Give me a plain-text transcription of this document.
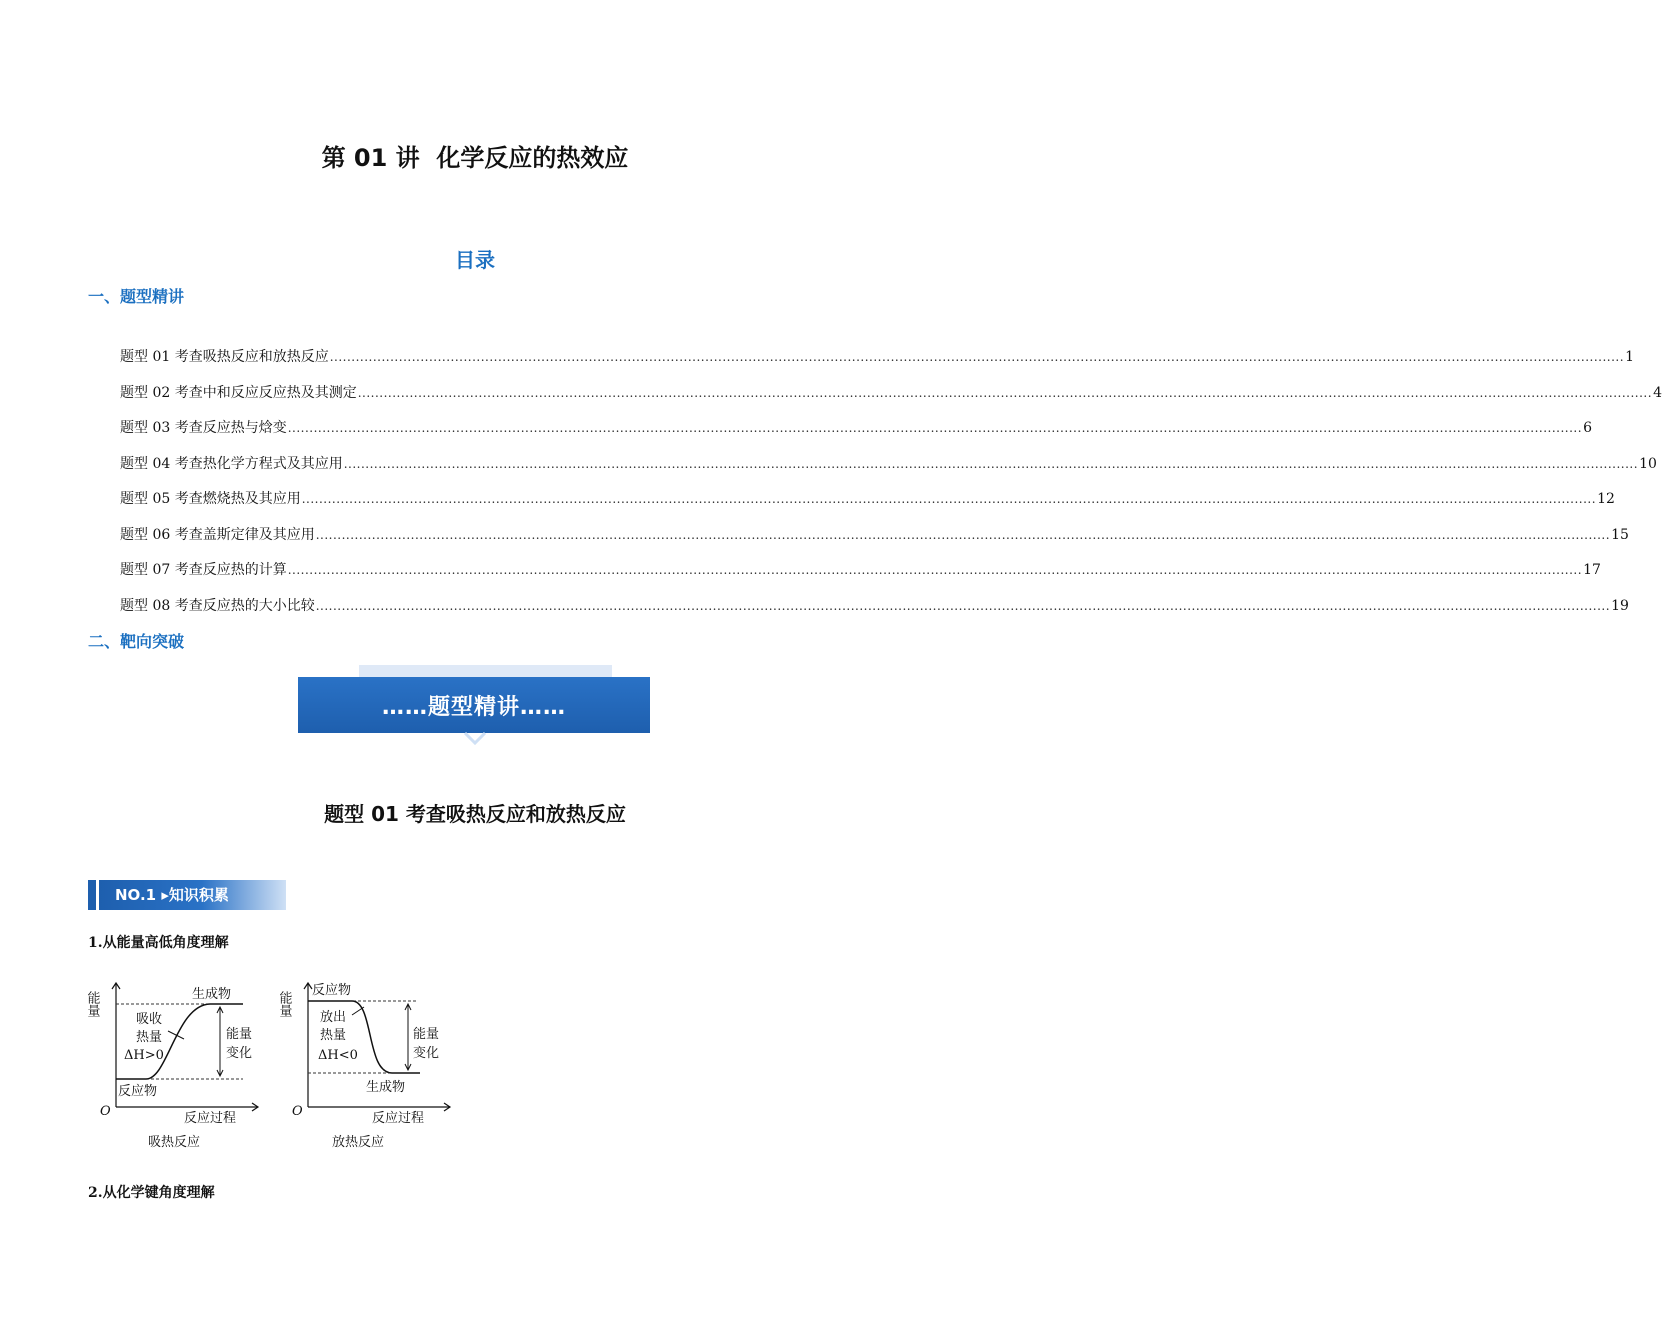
第 01 讲  化学反应的热效应
目录
一、题型精讲
题型 01 考查吸热反应和放热反应 ............................................................................................................................................................................................................................................................................................................ 1
题型 02 考查中和反应反应热及其测定 ............................................................................................................................................................................................................................................................................................................ 4
题型 03 考查反应热与焓变 ............................................................................................................................................................................................................................................................................................................ 6
题型 04 考查热化学方程式及其应用 ............................................................................................................................................................................................................................................................................................................ 10
题型 05 考查燃烧热及其应用 ............................................................................................................................................................................................................................................................................................................ 12
题型 06 考查盖斯定律及其应用 ............................................................................................................................................................................................................................................................................................................ 15
题型 07 考查反应热的计算 ............................................................................................................................................................................................................................................................................................................ 17
题型 08 考查反应热的大小比较 ............................................................................................................................................................................................................................................................................................................ 19
二、靶向突破
……题型精讲……
题型 01 考查吸热反应和放热反应
NO.1 ▸知识积累
1.从能量高低角度理解
能量
O
生成物
反应物
吸收
热量
ΔH>0
能量
变化
反应过程
吸热反应
能量
O
反应物
放出
热量
ΔH<0
能量
变化
生成物
反应过程
放热反应
2.从化学键角度理解
